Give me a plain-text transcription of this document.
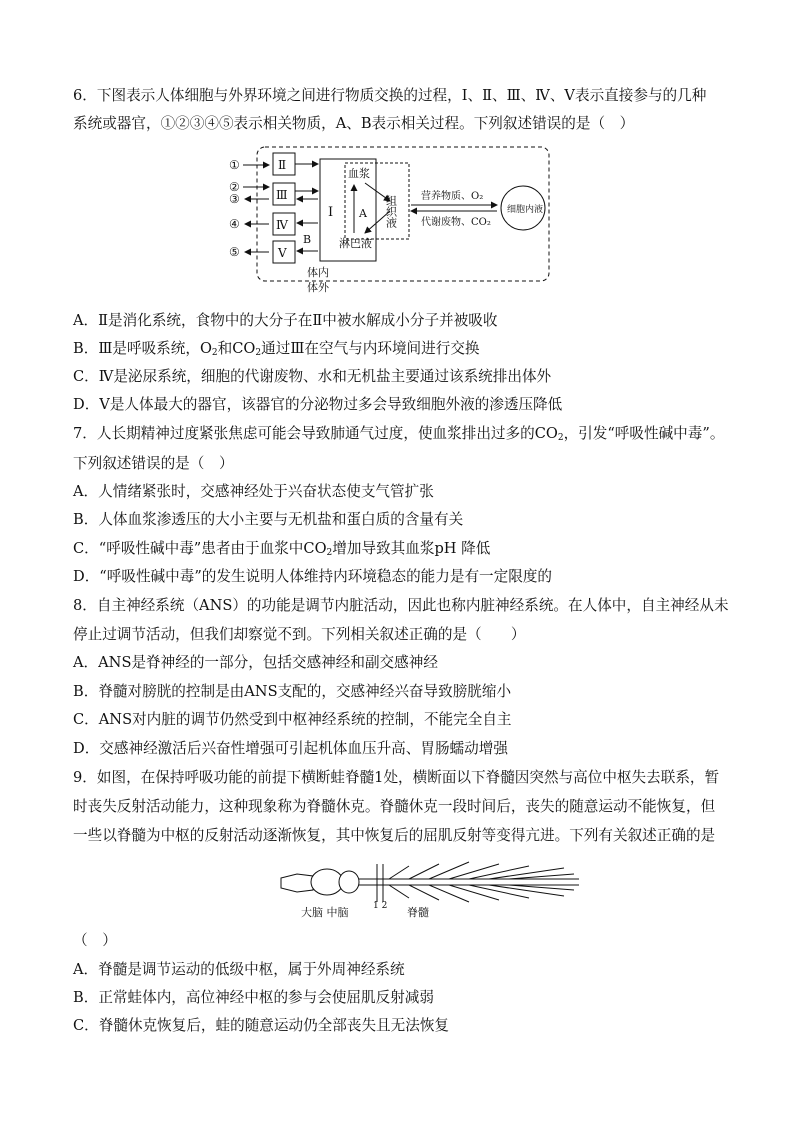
6．下图表示人体细胞与外界环境之间进行物质交换的过程，Ⅰ、Ⅱ、Ⅲ、Ⅳ、Ⅴ表示直接参与的几种
系统或器官，①②③④⑤表示相关物质，A、B表示相关过程。下列叙述错误的是（　）
①
②
③
④
⑤
Ⅱ
Ⅲ
Ⅳ
Ⅴ
B
Ⅰ
血浆
A
淋巴液
组织液 营养物质、O₂
代谢废物、CO₂
细胞内液
体内
体外
A．Ⅱ是消化系统，食物中的大分子在Ⅱ中被水解成小分子并被吸收
B．Ⅲ是呼吸系统，$O_2$和$CO_2$通过Ⅲ在空气与内环境间进行交换
C．Ⅳ是泌尿系统，细胞的代谢废物、水和无机盐主要通过该系统排出体外
D．Ⅴ是人体最大的器官，该器官的分泌物过多会导致细胞外液的渗透压降低
7．人长期精神过度紧张焦虑可能会导致肺通气过度，使血浆排出过多的$CO_2$，引发“呼吸性碱中毒”。
下列叙述错误的是（　）
A．人情绪紧张时，交感神经处于兴奋状态使支气管扩张
B．人体血浆渗透压的大小主要与无机盐和蛋白质的含量有关
C．“呼吸性碱中毒”患者由于血浆中$CO_2$增加导致其血浆pH 降低
D．“呼吸性碱中毒”的发生说明人体维持内环境稳态的能力是有一定限度的
8．自主神经系统（ANS）的功能是调节内脏活动，因此也称内脏神经系统。在人体中，自主神经从未
停止过调节活动，但我们却察觉不到。下列相关叙述正确的是（　　）
A．ANS是脊神经的一部分，包括交感神经和副交感神经
B．脊髓对膀胱的控制是由ANS支配的，交感神经兴奋导致膀胱缩小
C．ANS对内脏的调节仍然受到中枢神经系统的控制，不能完全自主
D．交感神经激活后兴奋性增强可引起机体血压升高、胃肠蠕动增强
9．如图，在保持呼吸功能的前提下横断蛙脊髓1处，横断面以下脊髓因突然与高位中枢失去联系，暂
时丧失反射活动能力，这种现象称为脊髓休克。脊髓休克一段时间后，丧失的随意运动不能恢复，但
一些以脊髓为中枢的反射活动逐渐恢复，其中恢复后的屈肌反射等变得亢进。下列有关叙述正确的是
大脑 中脑	1 2 脊髓
（　）
A．脊髓是调节运动的低级中枢，属于外周神经系统
B．正常蛙体内，高位神经中枢的参与会使屈肌反射减弱
C．脊髓休克恢复后，蛙的随意运动仍全部丧失且无法恢复
